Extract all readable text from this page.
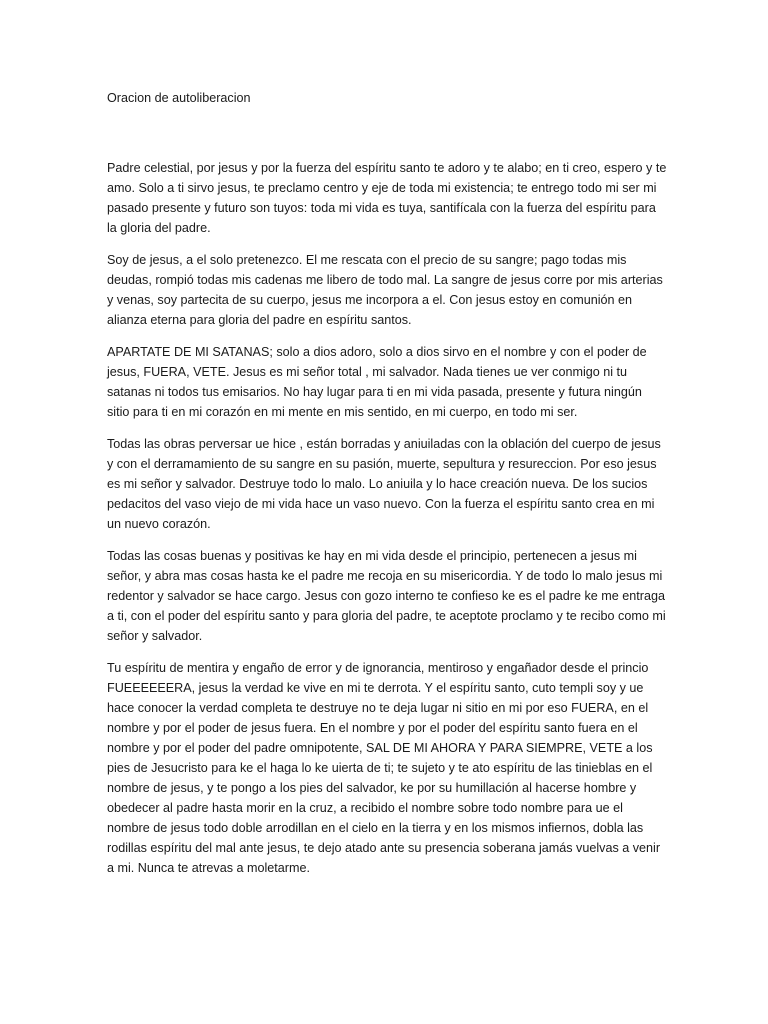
Oracion de autoliberacion

Padre celestial, por jesus y por la fuerza del espíritu santo te adoro y te alabo; en ti creo, espero y te amo. Solo a ti sirvo jesus, te preclamo centro y eje de toda mi existencia; te entrego todo mi ser mi pasado presente y futuro son tuyos: toda mi vida es tuya, santifícala con la fuerza del espíritu para la gloria del padre.

Soy de jesus, a el solo pretenezco. El me rescata con el precio de su sangre; pago todas mis deudas, rompió todas mis cadenas me libero de todo mal. La sangre de jesus corre por mis arterias y venas, soy partecita de su cuerpo, jesus me incorpora a el. Con jesus estoy en comunión en alianza eterna para gloria del padre en espíritu santos.

APARTATE DE MI SATANAS; solo a dios adoro, solo a dios sirvo en el nombre y con el poder de jesus, FUERA, VETE. Jesus es mi señor total , mi salvador. Nada tienes ue ver conmigo ni tu satanas ni todos tus emisarios. No hay lugar para ti en mi vida pasada, presente y futura ningún sitio para ti en mi corazón en mi mente en mis sentido, en mi cuerpo, en todo mi ser.

Todas las obras perversar ue hice , están borradas y aniuiladas con la oblación del cuerpo de jesus y con el derramamiento de su sangre en su pasión, muerte, sepultura y resureccion. Por eso jesus es mi señor y salvador. Destruye todo lo malo. Lo aniuila y lo hace creación nueva. De los sucios pedacitos del vaso viejo de mi vida hace un vaso nuevo. Con la fuerza el espíritu santo crea en mi un nuevo corazón.

Todas las cosas buenas y positivas ke hay en mi vida desde el principio, pertenecen a jesus mi señor, y abra mas cosas hasta ke el padre me recoja en su misericordia. Y de todo lo malo jesus mi redentor y salvador se hace cargo. Jesus con gozo interno te confieso ke es el padre ke me entraga a ti, con el poder del espíritu santo y para gloria del padre, te aceptote proclamo y te recibo como mi señor y salvador.

Tu espíritu de mentira y engaño de error y de ignorancia, mentiroso y engañador desde el princio FUEEEEEERA, jesus la verdad ke vive en mi te derrota. Y el espíritu santo, cuto templi soy y ue hace conocer la verdad completa te destruye no te deja lugar ni sitio en mi por eso FUERA, en el nombre y por el poder de jesus fuera. En el nombre y por el poder del espíritu santo fuera en el nombre y por el poder del padre omnipotente, SAL DE MI AHORA Y PARA SIEMPRE, VETE a los pies de Jesucristo para ke el haga lo ke uierta de ti; te sujeto y te ato espíritu de las tinieblas en el nombre de jesus, y te pongo a los pies del salvador, ke por su humillación al hacerse hombre y obedecer al padre hasta morir en la cruz, a recibido el nombre sobre todo nombre para ue el nombre de jesus todo doble arrodillan en el cielo en la tierra y en los mismos infiernos, dobla las rodillas espíritu del mal ante jesus, te dejo atado ante su presencia soberana jamás vuelvas a venir a mi. Nunca te atrevas a moletarme.
